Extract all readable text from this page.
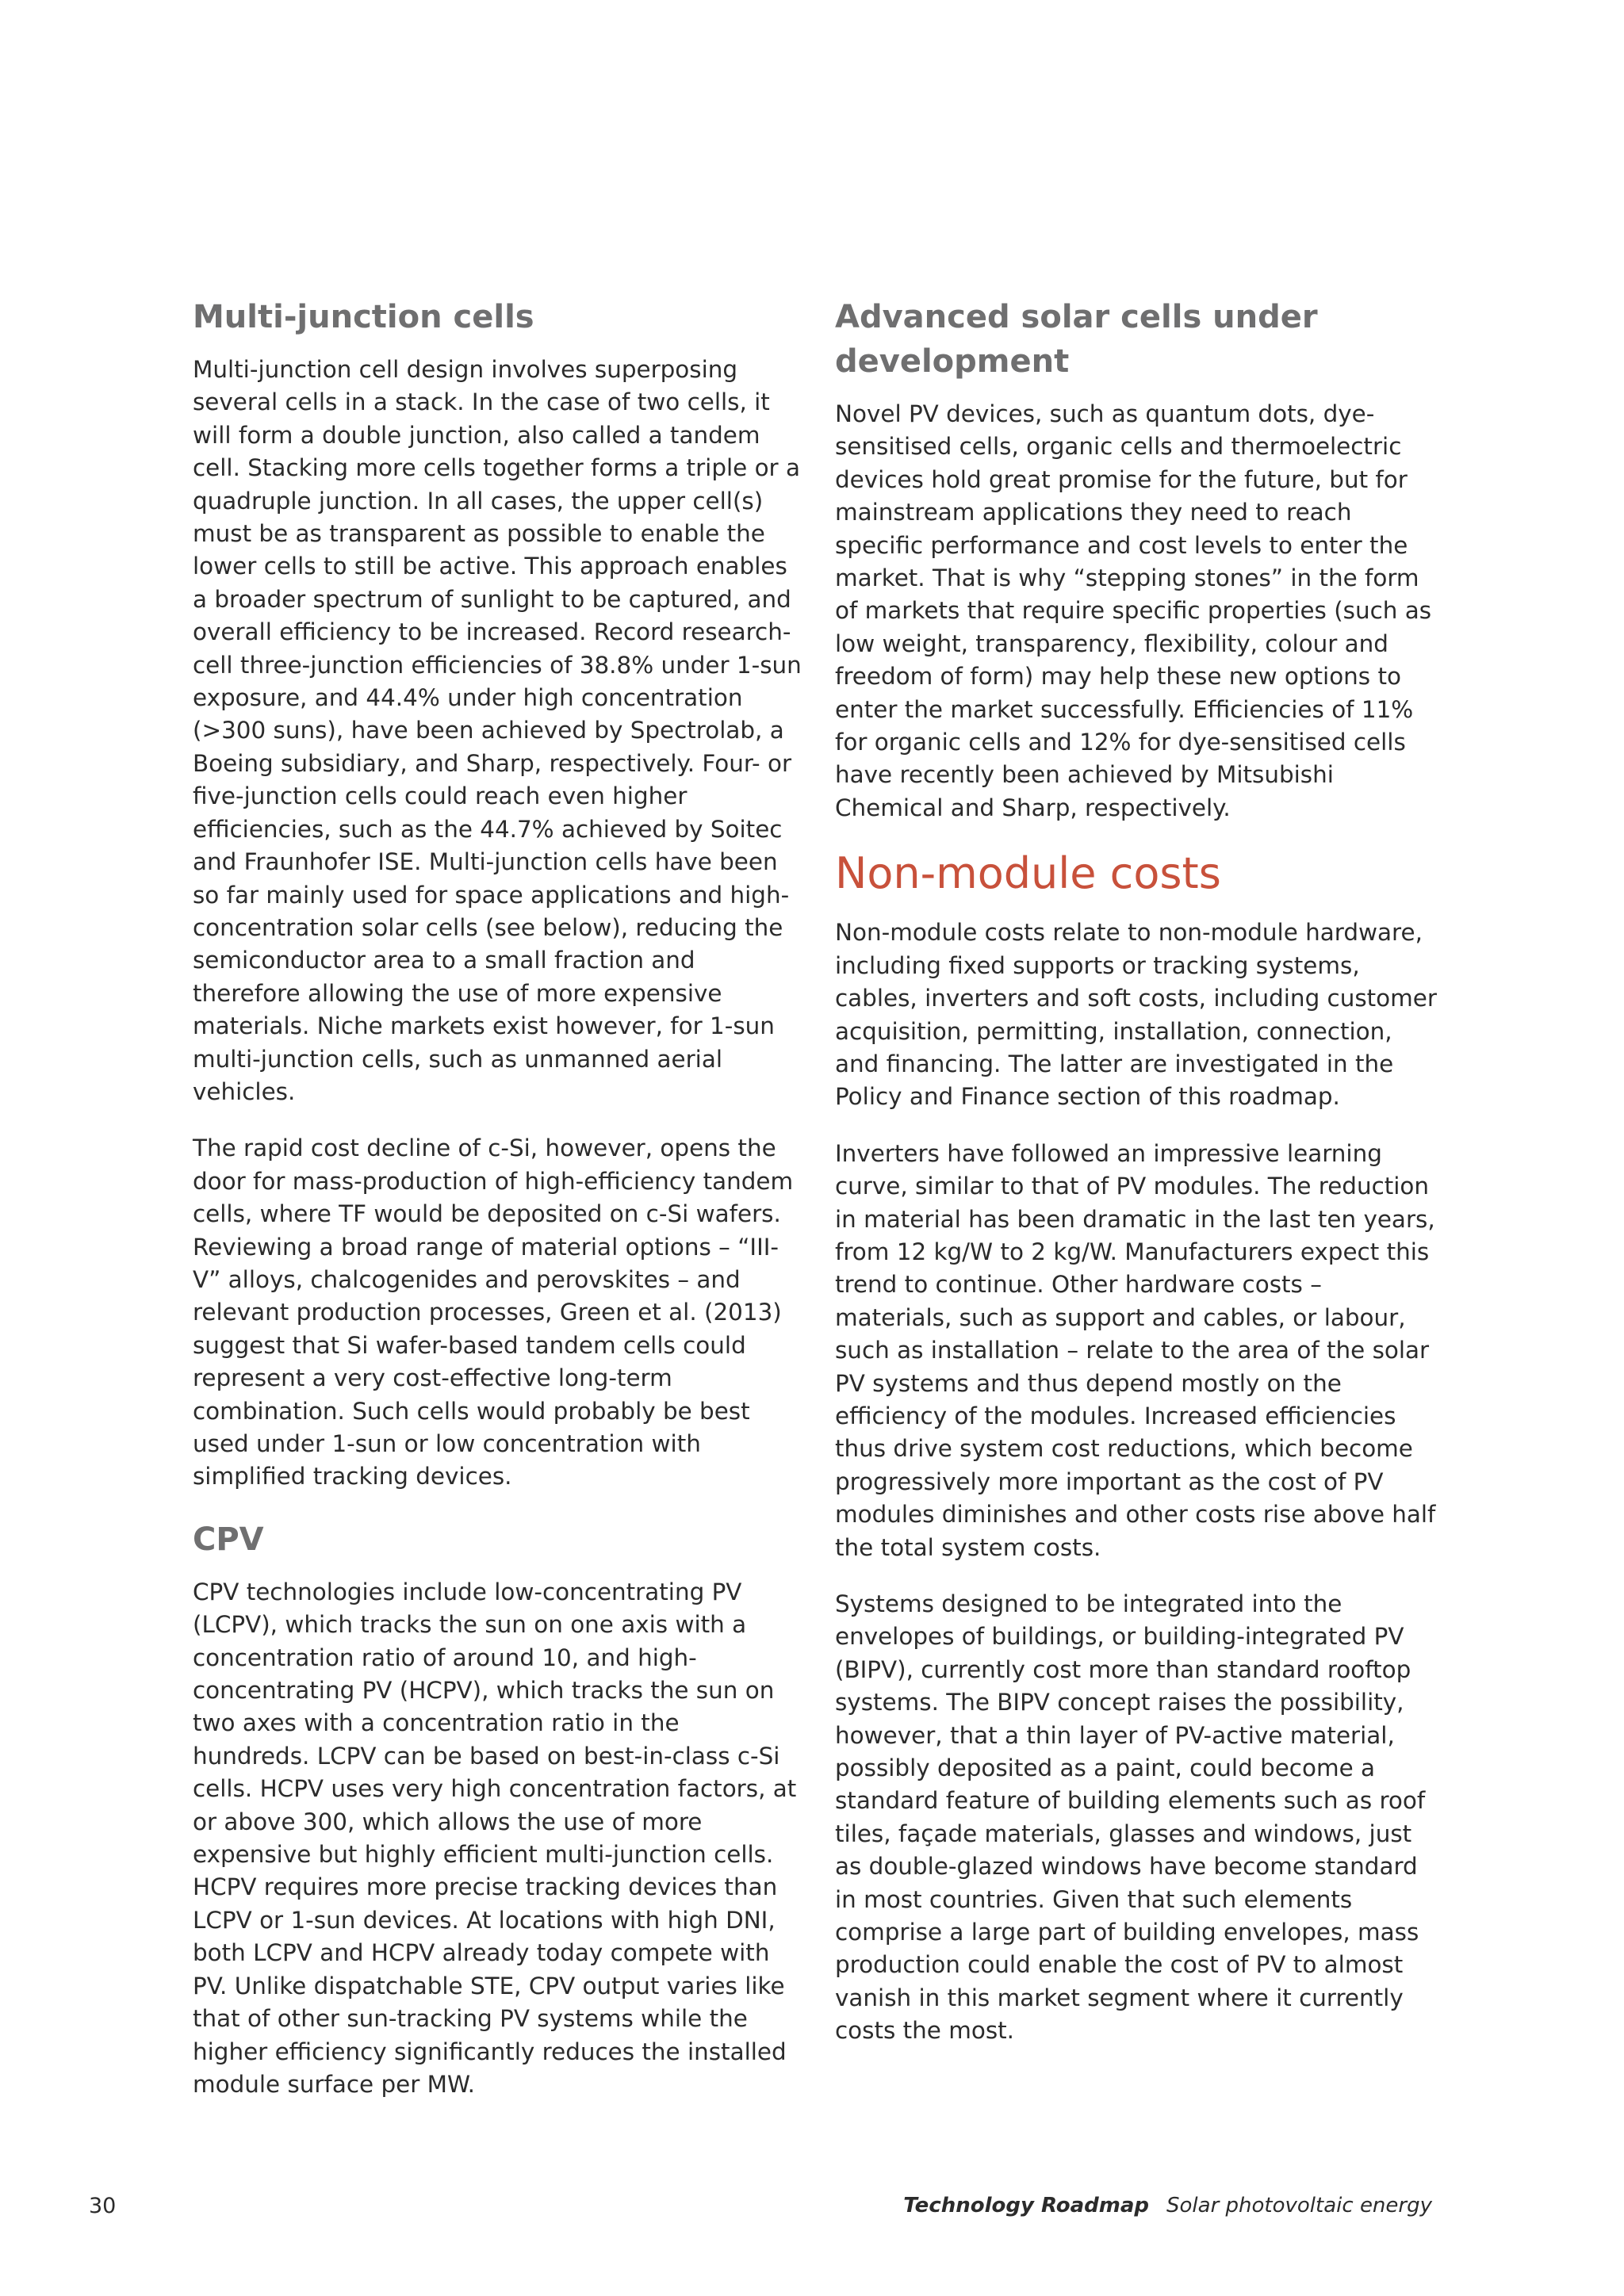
Multi-junction cells

Multi-junction cell design involves superposing several cells in a stack. In the case of two cells, it will form a double junction, also called a tandem cell. Stacking more cells together forms a triple or a quadruple junction. In all cases, the upper cell(s) must be as transparent as possible to enable the lower cells to still be active. This approach enables a broader spectrum of sunlight to be captured, and overall efficiency to be increased. Record research-cell three-junction efficiencies of 38.8% under 1-sun exposure, and 44.4% under high concentration (>300 suns), have been achieved by Spectrolab, a Boeing subsidiary, and Sharp, respectively. Four- or five-junction cells could reach even higher efficiencies, such as the 44.7% achieved by Soitec and Fraunhofer ISE. Multi-junction cells have been so far mainly used for space applications and high-concentration solar cells (see below), reducing the semiconductor area to a small fraction and therefore allowing the use of more expensive materials. Niche markets exist however, for 1-sun multi-junction cells, such as unmanned aerial vehicles.

The rapid cost decline of c-Si, however, opens the door for mass-production of high-efficiency tandem cells, where TF would be deposited on c-Si wafers. Reviewing a broad range of material options – “III-V” alloys, chalcogenides and perovskites – and relevant production processes, Green et al. (2013) suggest that Si wafer-based tandem cells could represent a very cost-effective long-term combination. Such cells would probably be best used under 1-sun or low concentration with simplified tracking devices.

CPV

CPV technologies include low-concentrating PV (LCPV), which tracks the sun on one axis with a concentration ratio of around 10, and high-concentrating PV (HCPV), which tracks the sun on two axes with a concentration ratio in the hundreds. LCPV can be based on best-in-class c-Si cells. HCPV uses very high concentration factors, at or above 300, which allows the use of more expensive but highly efficient multi-junction cells. HCPV requires more precise tracking devices than LCPV or 1-sun devices. At locations with high DNI, both LCPV and HCPV already today compete with PV. Unlike dispatchable STE, CPV output varies like that of other sun-tracking PV systems while the higher efficiency significantly reduces the installed module surface per MW.

Advanced solar cells under development

Novel PV devices, such as quantum dots, dye-sensitised cells, organic cells and thermoelectric devices hold great promise for the future, but for mainstream applications they need to reach specific performance and cost levels to enter the market. That is why “stepping stones” in the form of markets that require specific properties (such as low weight, transparency, flexibility, colour and freedom of form) may help these new options to enter the market successfully. Efficiencies of 11% for organic cells and 12% for dye-sensitised cells have recently been achieved by Mitsubishi Chemical and Sharp, respectively.

Non-module costs

Non-module costs relate to non-module hardware, including fixed supports or tracking systems, cables, inverters and soft costs, including customer acquisition, permitting, installation, connection, and financing. The latter are investigated in the Policy and Finance section of this roadmap.

Inverters have followed an impressive learning curve, similar to that of PV modules. The reduction in material has been dramatic in the last ten years, from 12 kg/W to 2 kg/W. Manufacturers expect this trend to continue. Other hardware costs – materials, such as support and cables, or labour, such as installation – relate to the area of the solar PV systems and thus depend mostly on the efficiency of the modules. Increased efficiencies thus drive system cost reductions, which become progressively more important as the cost of PV modules diminishes and other costs rise above half the total system costs.

Systems designed to be integrated into the envelopes of buildings, or building-integrated PV (BIPV), currently cost more than standard rooftop systems. The BIPV concept raises the possibility, however, that a thin layer of PV-active material, possibly deposited as a paint, could become a standard feature of building elements such as roof tiles, façade materials, glasses and windows, just as double-glazed windows have become standard in most countries. Given that such elements comprise a large part of building envelopes, mass production could enable the cost of PV to almost vanish in this market segment where it currently costs the most.

30	Technology Roadmap Solar photovoltaic energy
